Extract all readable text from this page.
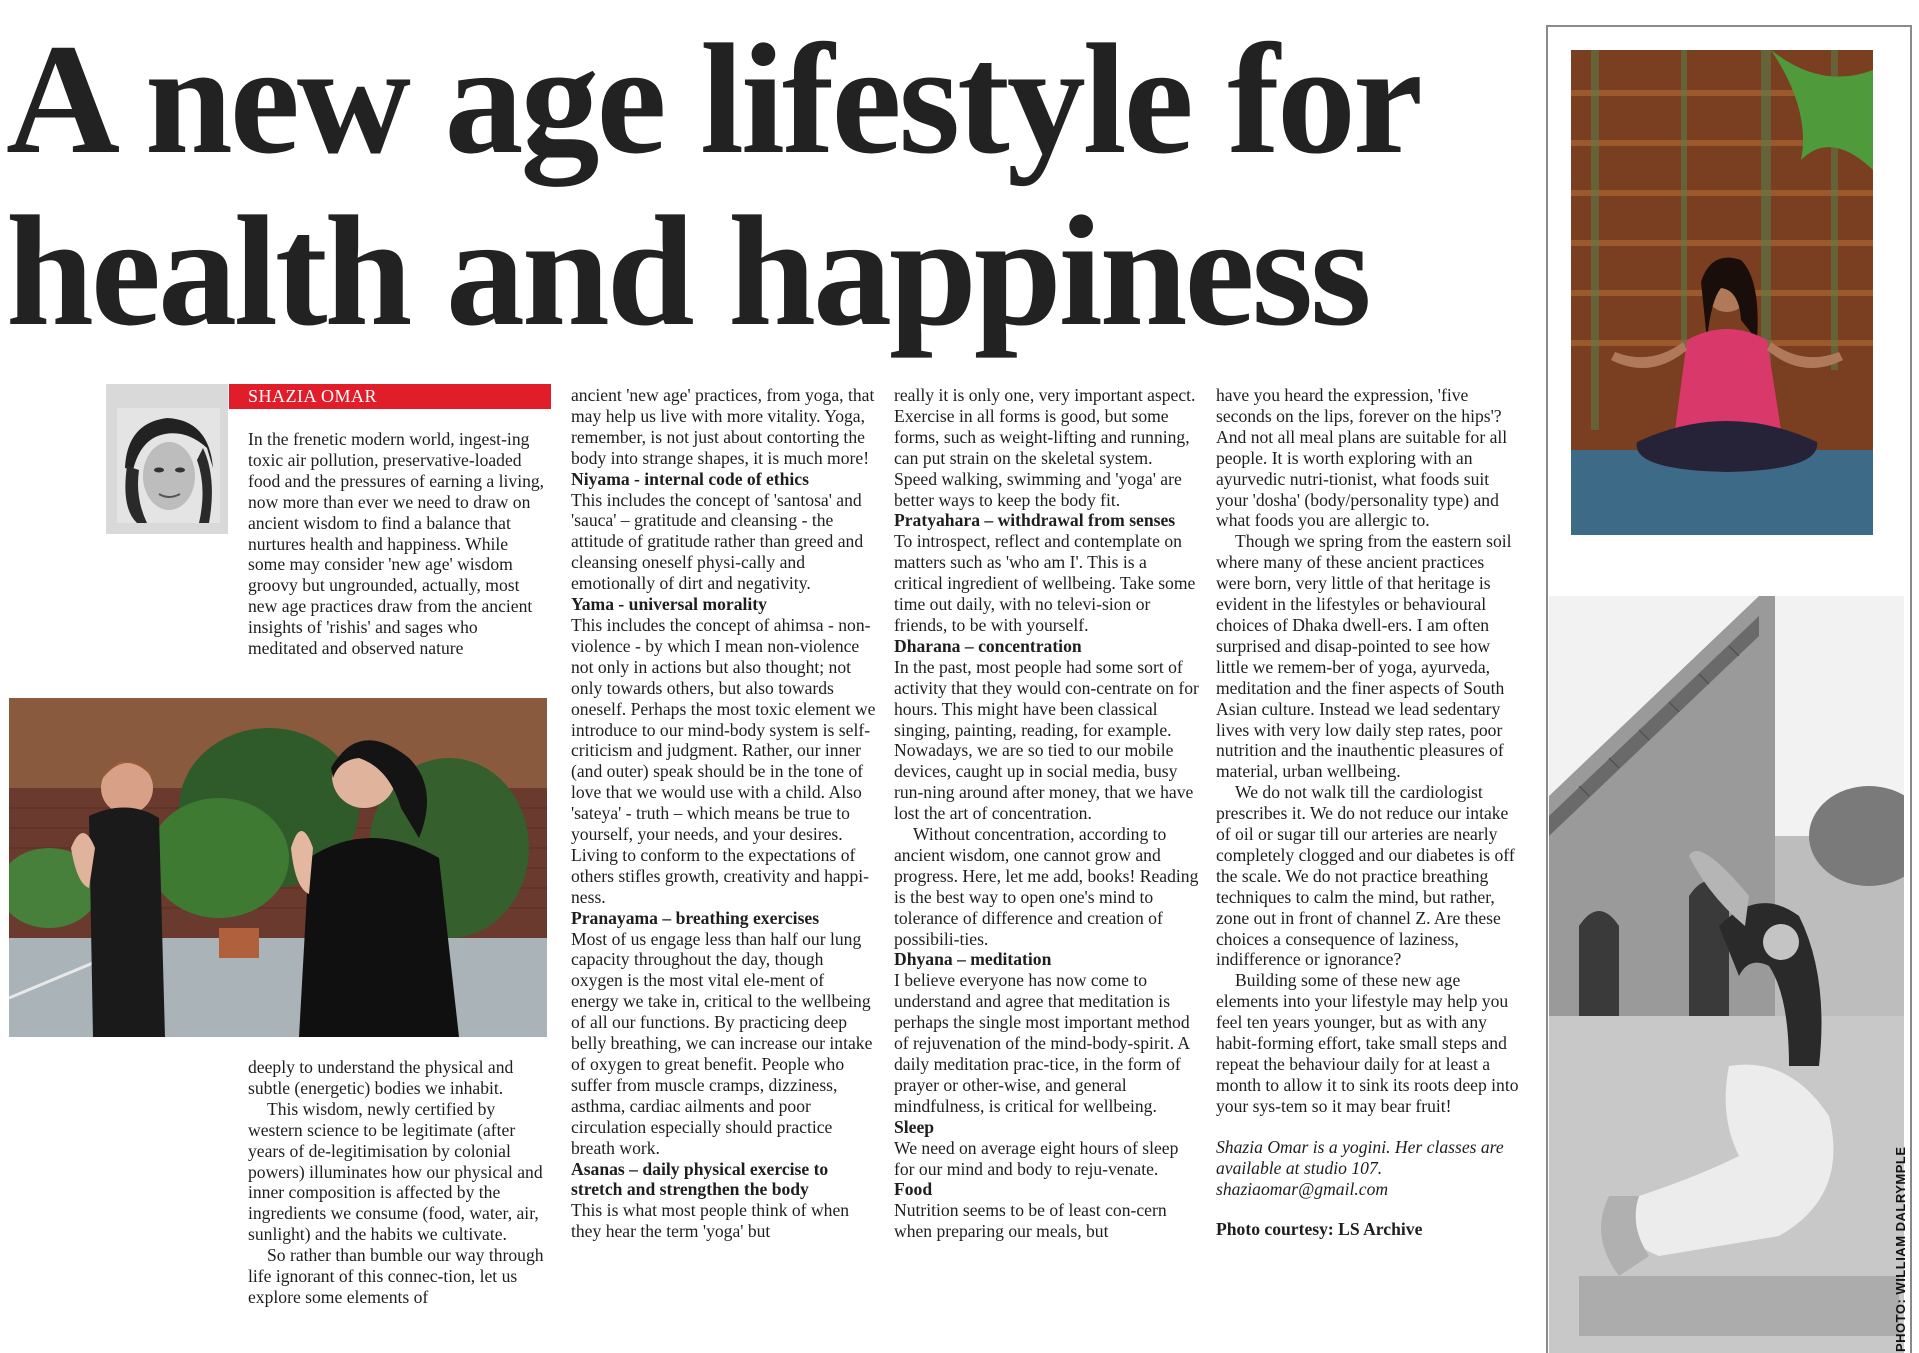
A new age lifestyle for
health and happiness
SHAZIA OMAR

In the frenetic modern world, ingest-ing toxic air pollution, preservative-loaded food and the pressures of earning a living, now more than ever we need to draw on ancient wisdom to find a balance that nurtures health and happiness. While some may consider 'new age' wisdom groovy but ungrounded, actually, most new age practices draw from the ancient insights of 'rishis' and sages who meditated and observed nature

deeply to understand the physical and subtle (energetic) bodies we inhabit.

This wisdom, newly certified by western science to be legitimate (after years of de-legitimisation by colonial powers) illuminates how our physical and inner composition is affected by the ingredients we consume (food, water, air, sunlight) and the habits we cultivate.

So rather than bumble our way through life ignorant of this connec-tion, let us explore some elements of

ancient 'new age' practices, from yoga, that may help us live with more vitality. Yoga, remember, is not just about contorting the body into strange shapes, it is much more!

Niyama - internal code of ethics

This includes the concept of 'santosa' and 'sauca' – gratitude and cleansing - the attitude of gratitude rather than greed and cleansing oneself physi-cally and emotionally of dirt and negativity.

Yama - universal morality

This includes the concept of ahimsa - non-violence - by which I mean non-violence not only in actions but also thought; not only towards others, but also towards oneself. Perhaps the most toxic element we introduce to our mind-body system is self-criticism and judgment. Rather, our inner (and outer) speak should be in the tone of love that we would use with a child. Also 'sateya' - truth – which means be true to yourself, your needs, and your desires. Living to conform to the expectations of others stifles growth, creativity and happi-ness.

Pranayama – breathing exercises

Most of us engage less than half our lung capacity throughout the day, though oxygen is the most vital ele-ment of energy we take in, critical to the wellbeing of all our functions. By practicing deep belly breathing, we can increase our intake of oxygen to great benefit. People who suffer from muscle cramps, dizziness, asthma, cardiac ailments and poor circulation especially should practice breath work.

Asanas – daily physical exercise to stretch and strengthen the body

This is what most people think of when they hear the term 'yoga' but

really it is only one, very important aspect. Exercise in all forms is good, but some forms, such as weight-lifting and running, can put strain on the skeletal system. Speed walking, swimming and 'yoga' are better ways to keep the body fit.

Pratyahara – withdrawal from senses

To introspect, reflect and contemplate on matters such as 'who am I'. This is a critical ingredient of wellbeing. Take some time out daily, with no televi-sion or friends, to be with yourself.

Dharana – concentration

In the past, most people had some sort of activity that they would con-centrate on for hours. This might have been classical singing, painting, reading, for example. Nowadays, we are so tied to our mobile devices, caught up in social media, busy run-ning around after money, that we have lost the art of concentration.

Without concentration, according to ancient wisdom, one cannot grow and progress. Here, let me add, books! Reading is the best way to open one's mind to tolerance of difference and creation of possibili-ties.

Dhyana – meditation

I believe everyone has now come to understand and agree that meditation is perhaps the single most important method of rejuvenation of the mind-body-spirit. A daily meditation prac-tice, in the form of prayer or other-wise, and general mindfulness, is critical for wellbeing.

Sleep

We need on average eight hours of sleep for our mind and body to reju-venate.

Food

Nutrition seems to be of least con-cern when preparing our meals, but

have you heard the expression, 'five seconds on the lips, forever on the hips'? And not all meal plans are suitable for all people. It is worth exploring with an ayurvedic nutri-tionist, what foods suit your 'dosha' (body/personality type) and what foods you are allergic to.

Though we spring from the eastern soil where many of these ancient practices were born, very little of that heritage is evident in the lifestyles or behavioural choices of Dhaka dwell-ers. I am often surprised and disap-pointed to see how little we remem-ber of yoga, ayurveda, meditation and the finer aspects of South Asian culture. Instead we lead sedentary lives with very low daily step rates, poor nutrition and the inauthentic pleasures of material, urban wellbeing.

We do not walk till the cardiologist prescribes it. We do not reduce our intake of oil or sugar till our arteries are nearly completely clogged and our diabetes is off the scale. We do not practice breathing techniques to calm the mind, but rather, zone out in front of channel Z. Are these choices a consequence of laziness, indifference or ignorance?

Building some of these new age elements into your lifestyle may help you feel ten years younger, but as with any habit-forming effort, take small steps and repeat the behaviour daily for at least a month to allow it to sink its roots deep into your sys-tem so it may bear fruit!

Shazia Omar is a yogini. Her classes are available at studio 107. shaziaomar@gmail.com

Photo courtesy: LS Archive	PHOTO: WILLIAM DALRYMPLE
